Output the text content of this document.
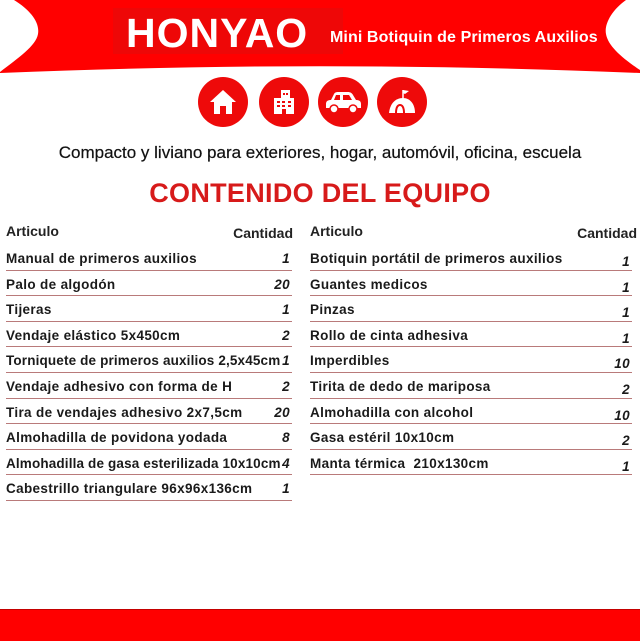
HONYAO Mini Botiquin de Primeros Auxilios
Compacto y liviano para exteriores, hogar, automóvil, oficina, escuela
CONTENIDO DEL EQUIPO
Articulo	Cantidad
Manual de primeros auxilios	1
Palo de algodón	20
Tijeras	1
Vendaje elástico 5x450cm	2
Torniquete de primeros auxilios 2,5x45cm 1
Vendaje adhesivo con forma de H	2
Tira de vendajes adhesivo 2x7,5cm	20
Almohadilla de povidona yodada	8
Almohadilla de gasa esterilizada 10x10cm 4
Cabestrillo triangulare 96x96x136cm	1
Articulo	Cantidad
Botiquin portátil de primeros auxilios	1
Guantes medicos	1
Pinzas	1
Rollo de cinta adhesiva	1
Imperdibles	10
Tirita de dedo de mariposa	2
Almohadilla con alcohol	10
Gasa estéril 10x10cm	2
Manta térmica  210x130cm	1
